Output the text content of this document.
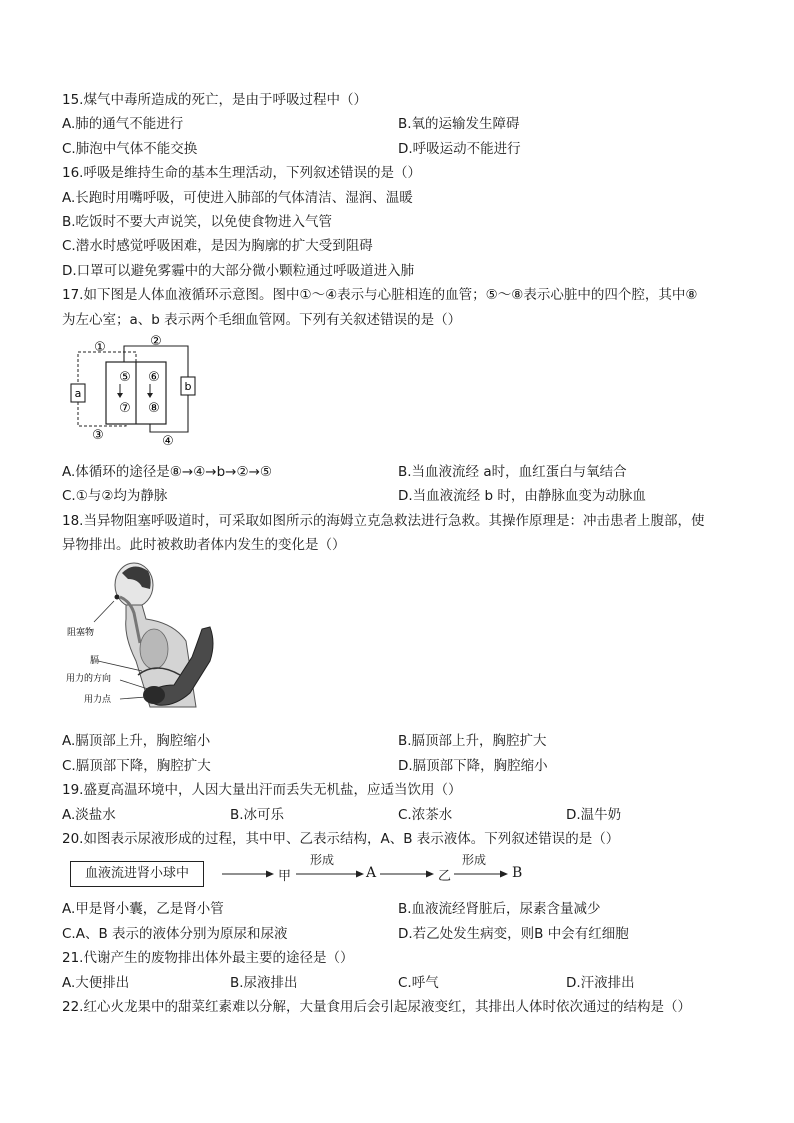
15.煤气中毒所造成的死亡，是由于呼吸过程中（）
A.肺的通气不能进行	B.氧的运输发生障碍
C.肺泡中气体不能交换	D.呼吸运动不能进行
16.呼吸是维持生命的基本生理活动，下列叙述错误的是（）
A.长跑时用嘴呼吸，可使进入肺部的气体清洁、湿润、温暖
B.吃饭时不要大声说笑，以免使食物进入气管
C.潜水时感觉呼吸困难，是因为胸廓的扩大受到阻碍
D.口罩可以避免雾霾中的大部分微小颗粒通过呼吸道进入肺
17.如下图是人体血液循环示意图。图中①～④表示与心脏相连的血管；⑤～⑧表示心脏中的四个腔，其中⑧
为左心室；a、b 表示两个毛细血管网。下列有关叙述错误的是（）
a
b
①	②
③	④
⑤ ⑥
⑦ ⑧
A.体循环的途径是⑧→④→b→②→⑤	B.当血液流经 a时，血红蛋白与氧结合
C.①与②均为静脉	D.当血液流经 b 时，由静脉血变为动脉血
18.当异物阻塞呼吸道时，可采取如图所示的海姆立克急救法进行急救。其操作原理是：冲击患者上腹部，使
异物排出。此时被救助者体内发生的变化是（）
阻塞物
膈
用力的方向
用力点
A.膈顶部上升，胸腔缩小	B.膈顶部上升，胸腔扩大
C.膈顶部下降，胸腔扩大	D.膈顶部下降，胸腔缩小
19.盛夏高温环境中，人因大量出汗而丢失无机盐，应适当饮用（）
A.淡盐水	B.冰可乐	C.浓茶水	D.温牛奶
20.如图表示尿液形成的过程，其中甲、乙表示结构，A、B 表示液体。下列叙述错误的是（）
血液流进肾小球中	甲
形成
A	乙
形成
B
A.甲是肾小囊，乙是肾小管	B.血液流经肾脏后，尿素含量减少
C.A、B 表示的液体分别为原尿和尿液	D.若乙处发生病变，则B 中会有红细胞
21.代谢产生的废物排出体外最主要的途径是（）
A.大便排出	B.尿液排出	C.呼气	D.汗液排出
22.红心火龙果中的甜菜红素难以分解，大量食用后会引起尿液变红，其排出人体时依次通过的结构是（）
